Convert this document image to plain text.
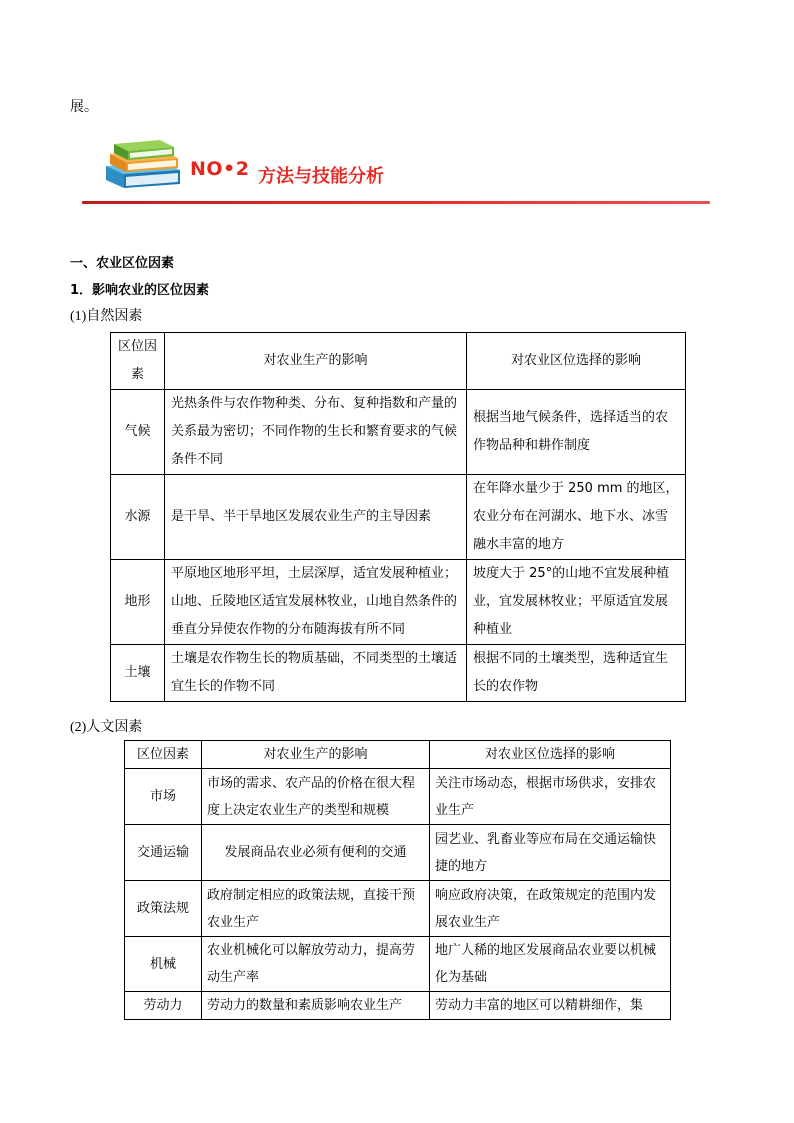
展。
NO•2 方法与技能分析
一、农业区位因素
1．影响农业的区位因素
(1)自然因素
区位因素	对农业生产的影响	对农业区位选择的影响
气候	光热条件与农作物种类、分布、复种指数和产量的关系最为密切；不同作物的生长和繁育要求的气候条件不同	根据当地气候条件，选择适当的农作物品种和耕作制度
水源	是干旱、半干旱地区发展农业生产的主导因素	在年降水量少于 250 mm 的地区，农业分布在河湖水、地下水、冰雪融水丰富的地方
地形	平原地区地形平坦，土层深厚，适宜发展种植业；山地、丘陵地区适宜发展林牧业，山地自然条件的垂直分异使农作物的分布随海拔有所不同	坡度大于 25°的山地不宜发展种植业，宜发展林牧业；平原适宜发展种植业
土壤	土壤是农作物生长的物质基础，不同类型的土壤适宜生长的作物不同	根据不同的土壤类型，选种适宜生长的农作物
(2)人文因素
区位因素	对农业生产的影响	对农业区位选择的影响
市场	市场的需求、农产品的价格在很大程度上决定农业生产的类型和规模	关注市场动态，根据市场供求，安排农业生产
交通运输	发展商品农业必须有便利的交通	园艺业、乳畜业等应布局在交通运输快捷的地方
政策法规	政府制定相应的政策法规，直接干预农业生产	响应政府决策，在政策规定的范围内发展农业生产
机械	农业机械化可以解放劳动力，提高劳动生产率	地广人稀的地区发展商品农业要以机械化为基础
劳动力	劳动力的数量和素质影响农业生产	劳动力丰富的地区可以精耕细作，集
